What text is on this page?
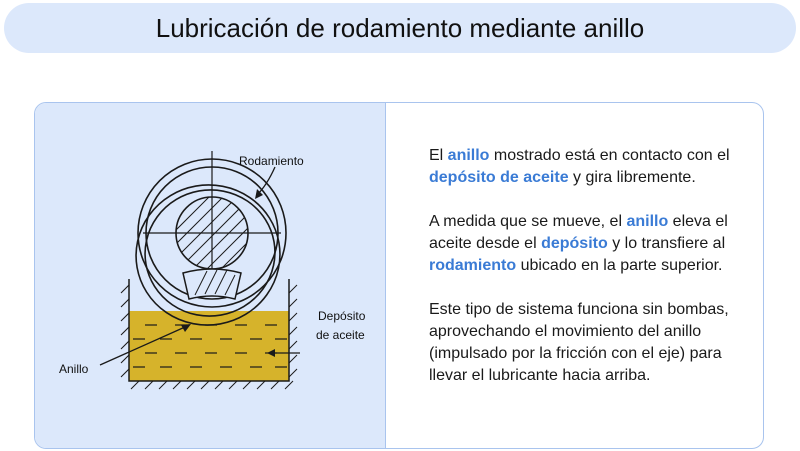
Lubricación de rodamiento mediante anillo
Rodamiento
Depósito
de aceite
Anillo

El anillo mostrado está en contacto con el depósito de aceite y gira libremente.

A medida que se mueve, el anillo eleva el aceite desde el depósito y lo transfiere al rodamiento ubicado en la parte superior.

Este tipo de sistema funciona sin bombas, aprovechando el movimiento del anillo (impulsado por la fricción con el eje) para llevar el lubricante hacia arriba.
